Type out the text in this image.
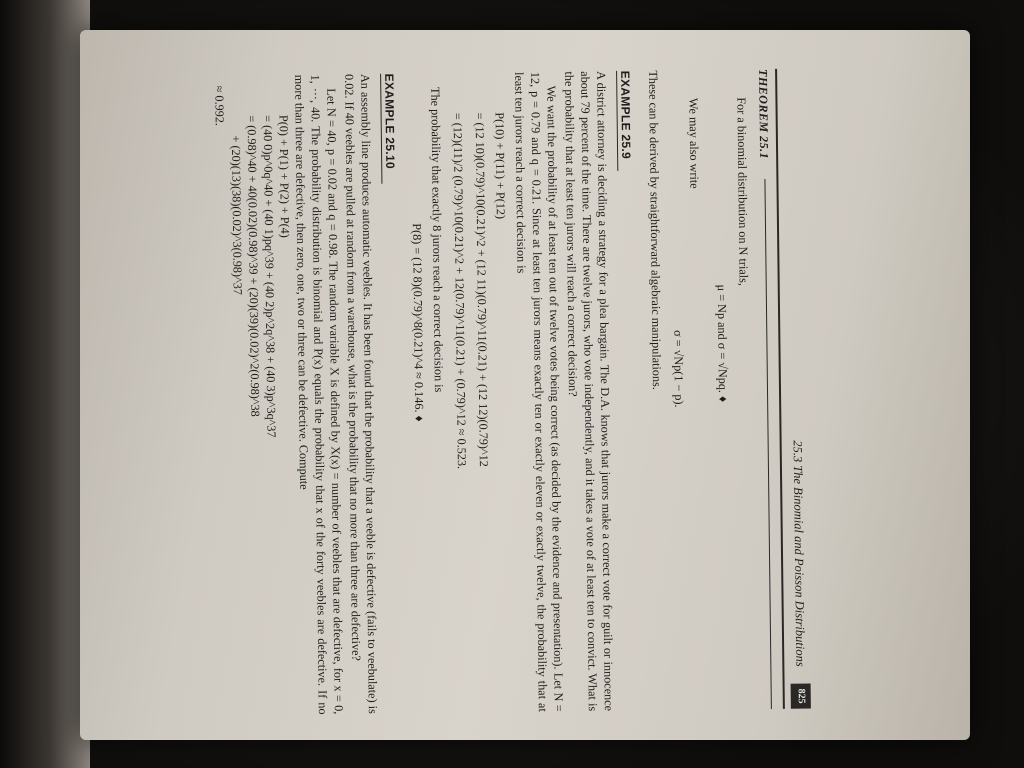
25.3 The Binomial and Poisson Distributions
825
THEOREM 25.1
For a binomial distribution on N trials,
μ = Np and σ = √Npq. ♦
We may also write
σ = √Np(1 − p).
These can be derived by straightforward algebraic manipulations.
EXAMPLE 25.9
A district attorney is deciding a strategy for a plea bargain. The D.A. knows that jurors make a correct vote for guilt or innocence about 79 percent of the time. There are twelve jurors, who vote independently, and it takes a vote of at least ten to convict. What is the probability that at least ten jurors will reach a correct decision?
We want the probability of at least ten out of twelve votes being correct (as decided by the evidence and presentation). Let N = 12, p = 0.79 and q = 0.21. Since at least ten jurors means exactly ten or exactly eleven or exactly twelve, the probability that at least ten jurors reach a correct decision is
P(10) + P(11) + P(12)
= (12 10)(0.79)^10(0.21)^2 + (12 11)(0.79)^11(0.21) + (12 12)(0.79)^12
= (12)(11)/2 (0.79)^10(0.21)^2 + 12(0.79)^11(0.21) + (0.79)^12 ≈ 0.523.
The probability that exactly 8 jurors reach a correct decision is
P(8) = (12 8)(0.79)^8(0.21)^4 ≈ 0.146. ♦
EXAMPLE 25.10
An assembly line produces automatic veebles. It has been found that the probability that a veeble is defective (fails to veebulate) is 0.02. If 40 veebles are pulled at random from a warehouse, what is the probability that no more than three are defective?
Let N = 40, p = 0.02 and q = 0.98. The random variable X is defined by X(x) = number of veebles that are defective, for x = 0, 1, ···, 40. The probability distribution is binomial and P(x) equals the probability that x of the forty veebles are defective. If no more than three are defective, then zero, one, two or three can be defective. Compute
P(0) + P(1) + P(2) + P(4)
= (40 0)p^0q^40 + (40 1)pq^39 + (40 2)p^2q^38 + (40 3)p^3q^37
= (0.98)^40 + 40(0.02)(0.98)^39 + (20)(39)(0.02)^2(0.98)^38
+ (20)(13)(38)(0.02)^3(0.98)^37
≈ 0.992.
